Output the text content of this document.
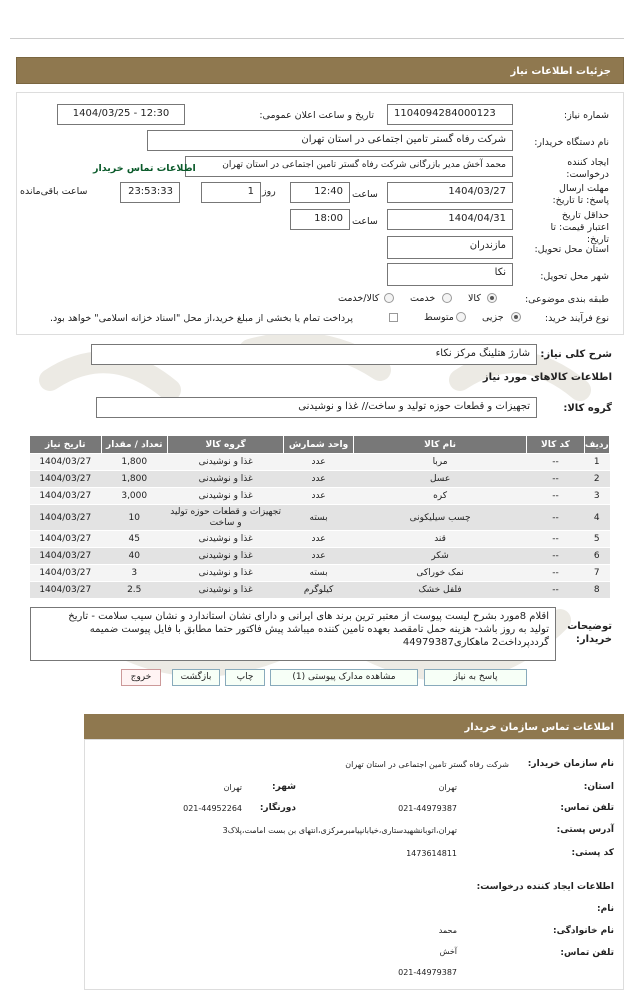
جزئیات اطلاعات نیاز
شماره نیاز:
1104094284000123
تاریخ و ساعت اعلان عمومی:
1404/03/25 - 12:30
نام دستگاه خریدار:
شرکت رفاه گستر تامین اجتماعی در استان تهران
ایجاد کننده درخواست:
محمد آخش مدیر بازرگانی شرکت رفاه گستر تامین اجتماعی در استان تهران
اطلاعات تماس خریدار
مهلت ارسال پاسخ: تا تاریخ:
1404/03/27
ساعت
12:40
روز
1
23:53:33
ساعت باقی‌مانده
حداقل تاریخ اعتبار قیمت: تا تاریخ:
1404/04/31
ساعت
18:00
استان محل تحویل:
مازندران
شهر محل تحویل:
نکا
طبقه بندی موضوعی:
کالا
خدمت
کالا/خدمت
نوع فرآیند خرید:
جزیی
متوسط
پرداخت تمام یا بخشی از مبلغ خرید،از محل "اسناد خزانه اسلامی" خواهد بود.
شرح کلی نیاز:
شارژ هتلینگ مرکز نکاء
اطلاعات کالاهای مورد نیاز
گروه کالا:
تجهیزات و قطعات حوزه تولید و ساخت// غذا و نوشیدنی
ردیف	کد کالا	نام کالا	واحد شمارش	گروه کالا	تعداد / مقدار	تاریخ نیاز
1	--	مربا	عدد	غذا و نوشیدنی	1,800	1404/03/27
2	--	عسل	عدد	غذا و نوشیدنی	1,800	1404/03/27
3	--	کره	عدد	غذا و نوشیدنی	3,000	1404/03/27
4	--	چسب سیلیکونی	بسته	تجهیزات و قطعات حوزه تولید و ساخت	10	1404/03/27
5	--	قند	عدد	غذا و نوشیدنی	45	1404/03/27
6	--	شکر	عدد	غذا و نوشیدنی	40	1404/03/27
7	--	نمک خوراکی	بسته	غذا و نوشیدنی	3	1404/03/27
8	--	فلفل خشک	کیلوگرم	غذا و نوشیدنی	2.5	1404/03/27
توضیحات خریدار:
اقلام 8مورد بشرح لیست پیوست از معتبر ترین برند های ایرانی و دارای نشان استاندارد و نشان سیب سلامت - تاریخ
تولید به روز باشد- هزینه حمل تامقصد بعهده تامین کننده میباشد پیش فاکتور حتما مطابق با فایل پیوست ضمیمه
گرددپرداخت2 ماهکاری44979387
پاسخ به نیاز
مشاهده مدارک پیوستی (1)
چاپ
بازگشت
خروج
اطلاعات تماس سازمان خریدار
نام سازمان خریدار:
شرکت رفاه گستر تامین اجتماعی در استان تهران
استان:
تهران
شهر:
تهران
تلفن تماس:
021-44979387
دورنگار:
021-44952264
آدرس پستی:
تهران،اتوبانشهیدستاری،خیابانپیامبرمرکزی،انتهای بن بست امامت،پلاک3
کد پستی:
1473614811
اطلاعات ایجاد کننده درخواست:
نام:
محمد	نام خانوادگی:
آخش	تلفن تماس:
021-44979387
